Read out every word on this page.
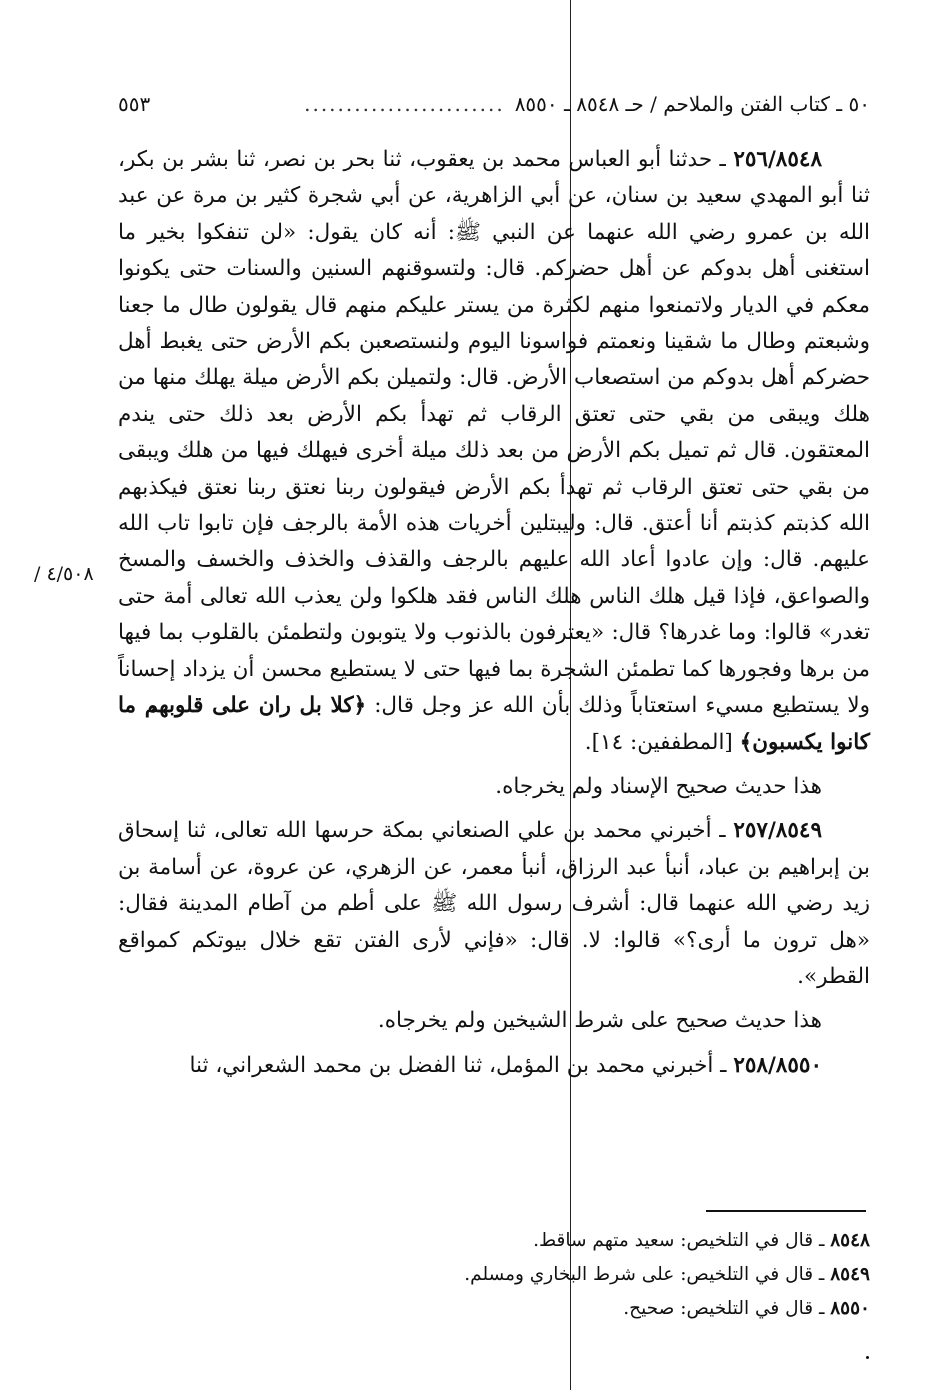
٥٠ ـ كتاب الفتن والملاحم / حـ ٨٥٤٨ ـ ٨٥٥٠
........................
٥٥٣
٤/٥٠٨ /

٢٥٦/٨٥٤٨ ـ حدثنا أبو العباس محمد بن يعقوب، ثنا بحر بن نصر، ثنا بشر بن بكر، ثنا أبو المهدي سعيد بن سنان، عن أبي الزاهرية، عن أبي شجرة كثير بن مرة عن عبد الله بن عمرو رضي الله عنهما عن النبي ﷺ: أنه كان يقول: «لن تنفكوا بخير ما استغنى أهل بدوكم عن أهل حضركم. قال: ولتسوقنهم السنين والسنات حتى يكونوا معكم في الديار ولاتمنعوا منهم لكثرة من يستر عليكم منهم قال يقولون طال ما جعنا وشبعتم وطال ما شقينا ونعمتم فواسونا اليوم ولنستصعبن بكم الأرض حتى يغبط أهل حضركم أهل بدوكم من استصعاب الأرض. قال: ولتميلن بكم الأرض ميلة يهلك منها من هلك ويبقى من بقي حتى تعتق الرقاب ثم تهدأ بكم الأرض بعد ذلك حتى يندم المعتقون. قال ثم تميل بكم الأرض من بعد ذلك ميلة أخرى فيهلك فيها من هلك ويبقى من بقي حتى تعتق الرقاب ثم تهدأ بكم الأرض فيقولون ربنا نعتق ربنا نعتق فيكذبهم الله كذبتم كذبتم أنا أعتق. قال: وليبتلين أخريات هذه الأمة بالرجف فإن تابوا تاب الله عليهم. قال: وإن عادوا أعاد الله عليهم بالرجف والقذف والخذف والخسف والمسخ والصواعق، فإذا قيل هلك الناس هلك الناس فقد هلكوا ولن يعذب الله تعالى أمة حتى تغدر» قالوا: وما غدرها؟ قال: «يعترفون بالذنوب ولا يتوبون ولتطمئن بالقلوب بما فيها من برها وفجورها كما تطمئن الشجرة بما فيها حتى لا يستطيع محسن أن يزداد إحساناً ولا يستطيع مسيء استعتاباً وذلك بأن الله عز وجل قال: ﴿كلا بل ران على قلوبهم ما كانوا يكسبون﴾ [المطففين: ١٤].

هذا حديث صحيح الإسناد ولم يخرجاه.

٢٥٧/٨٥٤٩ ـ أخبرني محمد بن علي الصنعاني بمكة حرسها الله تعالى، ثنا إسحاق بن إبراهيم بن عباد، أنبأ عبد الرزاق، أنبأ معمر، عن الزهري، عن عروة، عن أسامة بن زيد رضي الله عنهما قال: أشرف رسول الله ﷺ على أطم من آطام المدينة فقال: «هل ترون ما أرى؟» قالوا: لا. قال: «فإني لأرى الفتن تقع خلال بيوتكم كمواقع القطر».

هذا حديث صحيح على شرط الشيخين ولم يخرجاه.

٢٥٨/٨٥٥٠ ـ أخبرني محمد بن المؤمل، ثنا الفضل بن محمد الشعراني، ثنا

٨٥٤٨ ـ قال في التلخيص: سعيد متهم ساقط.

٨٥٤٩ ـ قال في التلخيص: على شرط البخاري ومسلم.

٨٥٥٠ ـ قال في التلخيص: صحيح.
